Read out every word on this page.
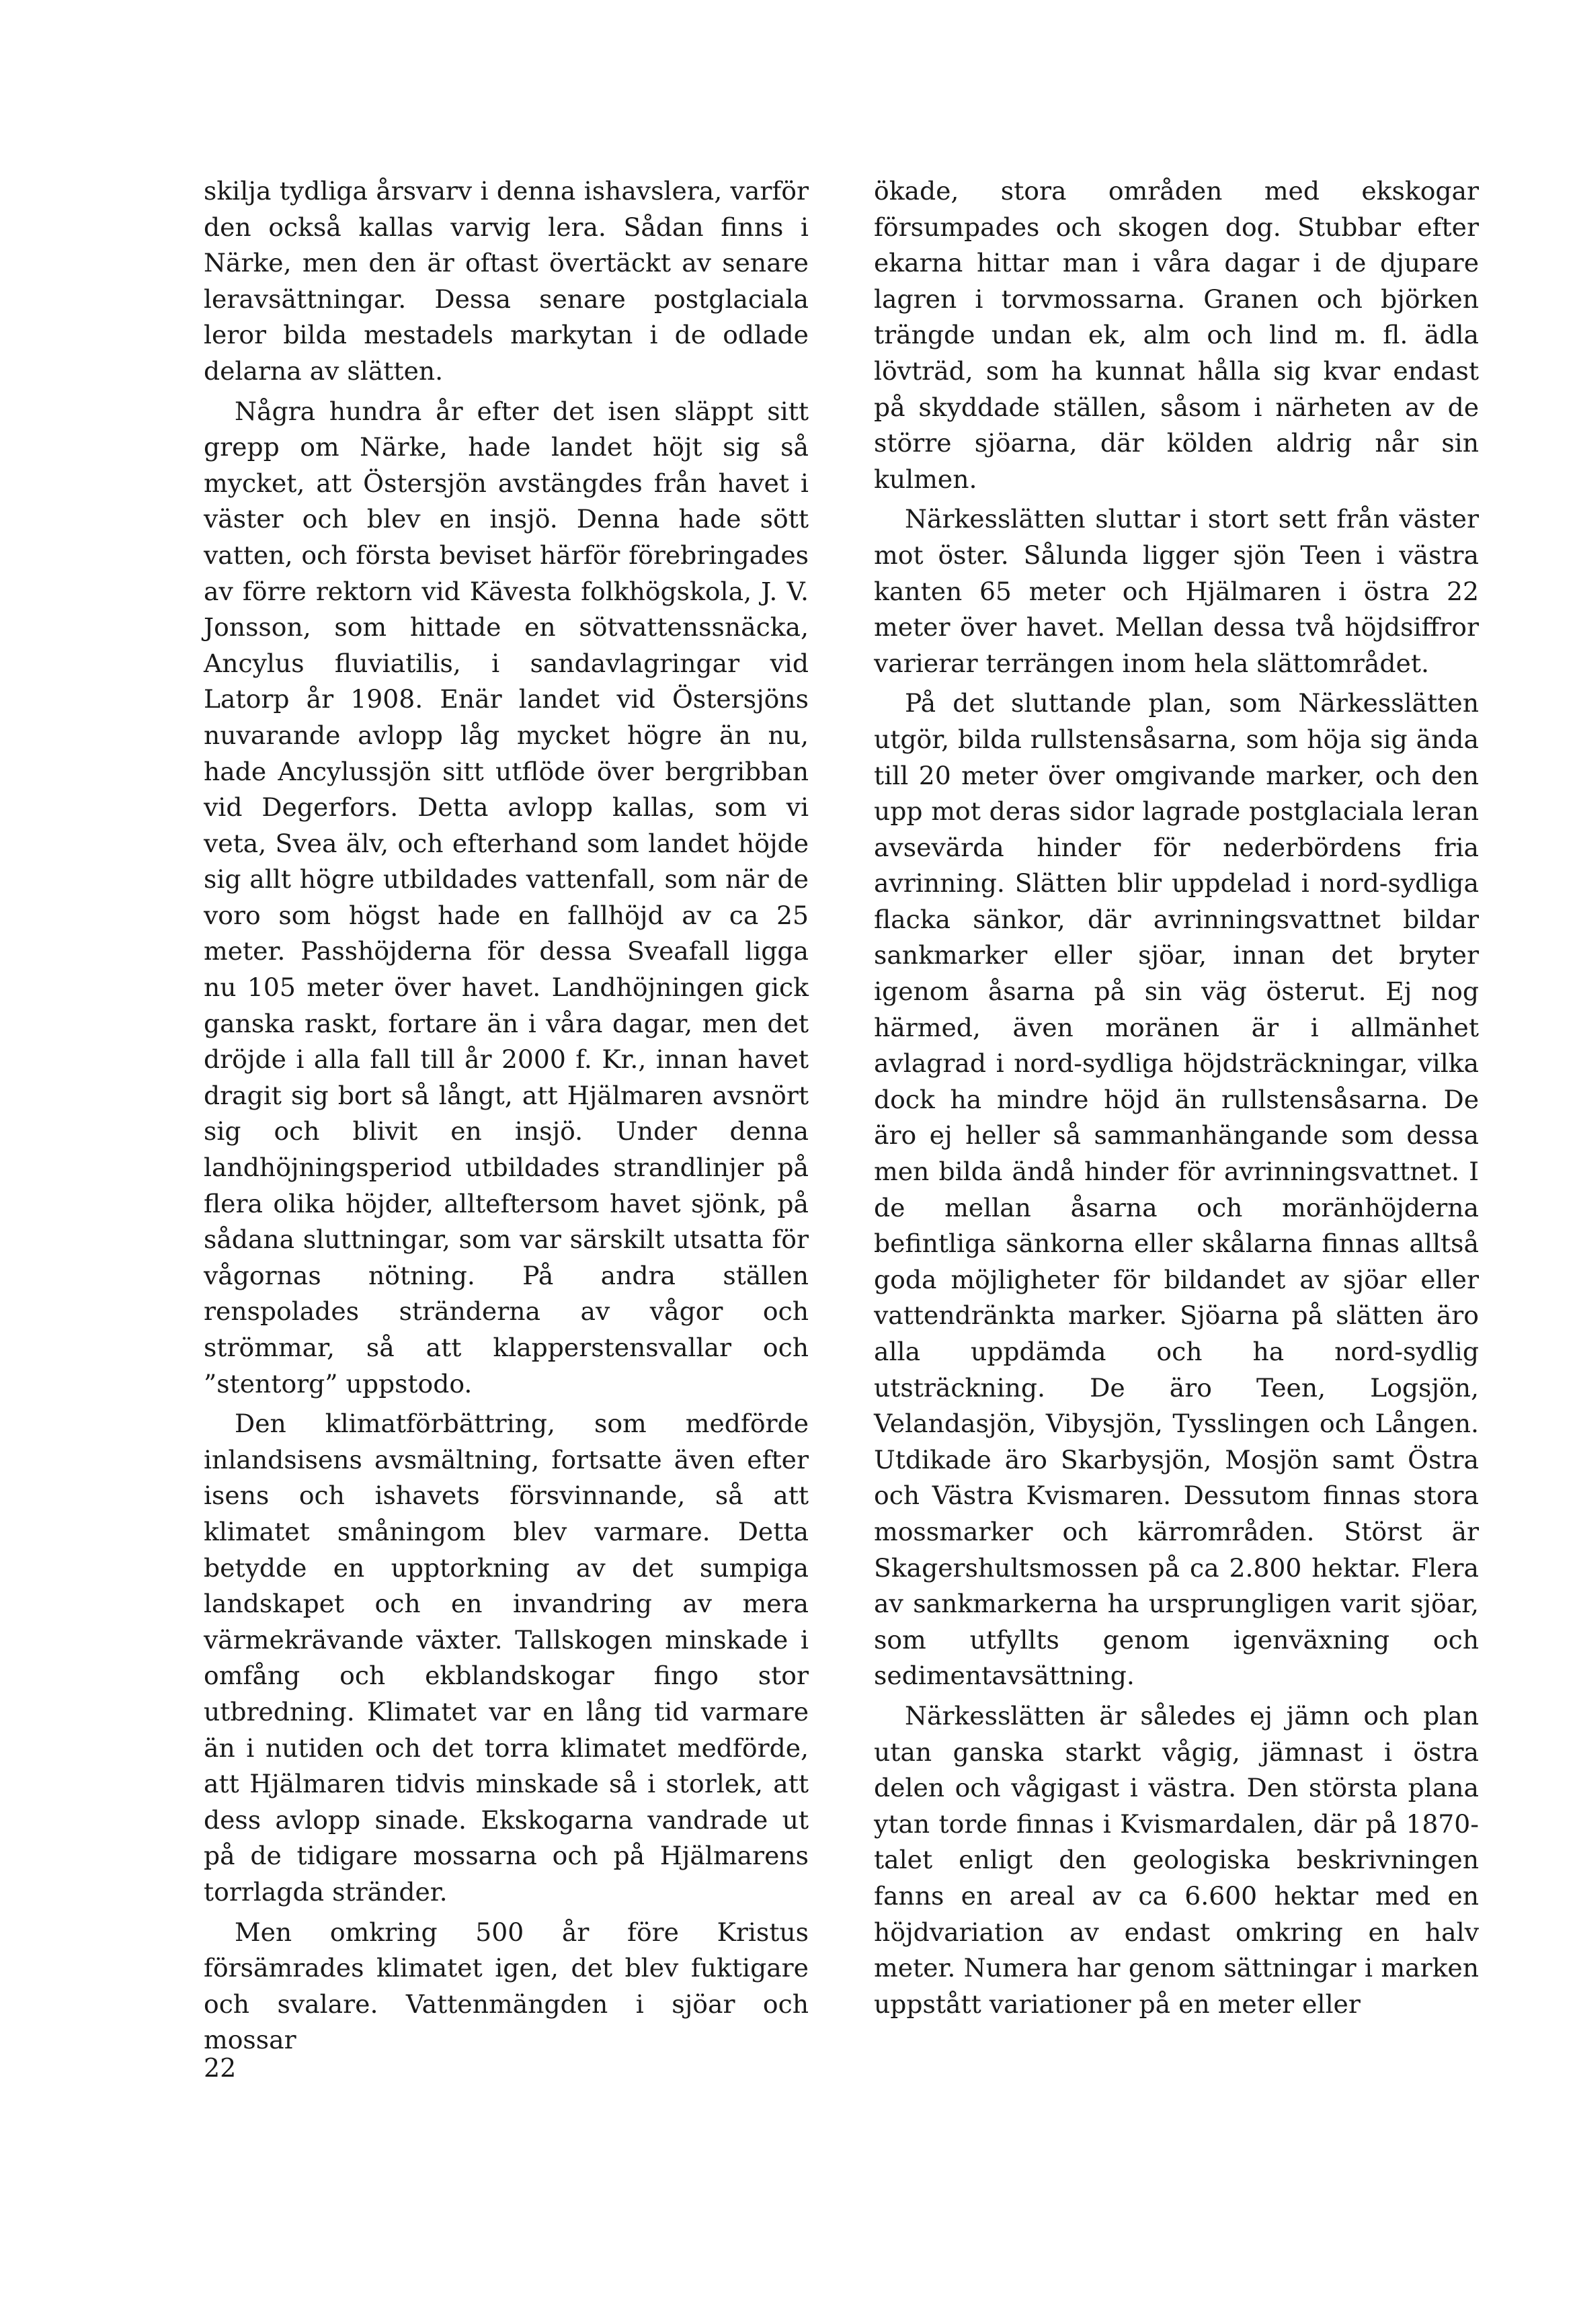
skilja tydliga årsvarv i denna ishavslera, varför den också kallas varvig lera. Sådan finns i Närke, men den är oftast övertäckt av senare leravsättningar. Dessa senare postglaciala leror bilda mestadels markytan i de odlade delarna av slätten.

Några hundra år efter det isen släppt sitt grepp om Närke, hade landet höjt sig så mycket, att Östersjön avstängdes från havet i väster och blev en insjö. Denna hade sött vatten, och första beviset härför förebringades av förre rektorn vid Kävesta folkhögskola, J. V. Jonsson, som hittade en sötvattenssnäcka, Ancylus fluviatilis, i sandavlagringar vid Latorp år 1908. Enär landet vid Östersjöns nuvarande avlopp låg mycket högre än nu, hade Ancylussjön sitt utflöde över bergribban vid Degerfors. Detta avlopp kallas, som vi veta, Svea älv, och efterhand som landet höjde sig allt högre utbildades vattenfall, som när de voro som högst hade en fallhöjd av ca 25 meter. Passhöjderna för dessa Sveafall ligga nu 105 meter över havet. Landhöjningen gick ganska raskt, fortare än i våra dagar, men det dröjde i alla fall till år 2000 f. Kr., innan havet dragit sig bort så långt, att Hjälmaren avsnört sig och blivit en insjö. Under denna landhöjningsperiod utbildades strandlinjer på flera olika höjder, allteftersom havet sjönk, på sådana sluttningar, som var särskilt utsatta för vågornas nötning. På andra ställen renspolades stränderna av vågor och strömmar, så att klapperstensvallar och ”stentorg” uppstodo.

Den klimatförbättring, som medförde inlandsisens avsmältning, fortsatte även efter isens och ishavets försvinnande, så att klimatet småningom blev varmare. Detta betydde en upptorkning av det sumpiga landskapet och en invandring av mera värmekrävande växter. Tallskogen minskade i omfång och ekblandskogar fingo stor utbredning. Klimatet var en lång tid varmare än i nutiden och det torra klimatet medförde, att Hjälmaren tidvis minskade så i storlek, att dess avlopp sinade. Ekskogarna vandrade ut på de tidigare mossarna och på Hjälmarens torrlagda stränder.

Men omkring 500 år före Kristus försämrades klimatet igen, det blev fuktigare och svalare. Vattenmängden i sjöar och mossar

ökade, stora områden med ekskogar försumpades och skogen dog. Stubbar efter ekarna hittar man i våra dagar i de djupare lagren i torvmossarna. Granen och björken trängde undan ek, alm och lind m. fl. ädla lövträd, som ha kunnat hålla sig kvar endast på skyddade ställen, såsom i närheten av de större sjöarna, där kölden aldrig når sin kulmen.

Närkesslätten sluttar i stort sett från väster mot öster. Sålunda ligger sjön Teen i västra kanten 65 meter och Hjälmaren i östra 22 meter över havet. Mellan dessa två höjdsiffror varierar terrängen inom hela slättområdet.

På det sluttande plan, som Närkesslätten utgör, bilda rullstensåsarna, som höja sig ända till 20 meter över omgivande marker, och den upp mot deras sidor lagrade postglaciala leran avsevärda hinder för nederbördens fria avrinning. Slätten blir uppdelad i nord-sydliga flacka sänkor, där avrinningsvattnet bildar sankmarker eller sjöar, innan det bryter igenom åsarna på sin väg österut. Ej nog härmed, även moränen är i allmänhet avlagrad i nord-sydliga höjdsträckningar, vilka dock ha mindre höjd än rullstensåsarna. De äro ej heller så sammanhängande som dessa men bilda ändå hinder för avrinningsvattnet. I de mellan åsarna och moränhöjderna befintliga sänkorna eller skålarna finnas alltså goda möjligheter för bildandet av sjöar eller vattendränkta marker. Sjöarna på slätten äro alla uppdämda och ha nord-sydlig utsträckning. De äro Teen, Logsjön, Velandasjön, Vibysjön, Tysslingen och Lången. Utdikade äro Skarbysjön, Mosjön samt Östra och Västra Kvismaren. Dessutom finnas stora mossmarker och kärrområden. Störst är Skagershultsmossen på ca 2.800 hektar. Flera av sankmarkerna ha ursprungligen varit sjöar, som utfyllts genom igenväxning och sedimentavsättning.

Närkesslätten är således ej jämn och plan utan ganska starkt vågig, jämnast i östra delen och vågigast i västra. Den största plana ytan torde finnas i Kvismardalen, där på 1870-talet enligt den geologiska beskrivningen fanns en areal av ca 6.600 hektar med en höjdvariation av endast omkring en halv meter. Numera har genom sättningar i marken uppstått variationer på en meter eller

22
